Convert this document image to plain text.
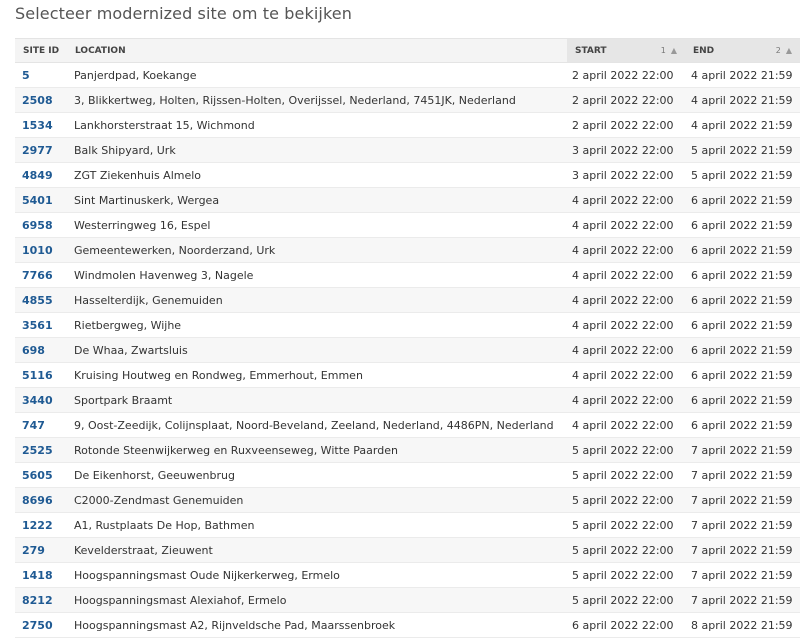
Selecteer modernized site om te bekijken
SITE ID	LOCATION	START 1 ▲	END 2 ▲

5	Panjerdpad, Koekange	2 april 2022 22:00	4 april 2022 21:59
2508	3, Blikkertweg, Holten, Rijssen-Holten, Overijssel, Nederland, 7451JK, Nederland	2 april 2022 22:00	4 april 2022 21:59
1534	Lankhorsterstraat 15, Wichmond	2 april 2022 22:00	4 april 2022 21:59
2977	Balk Shipyard, Urk	3 april 2022 22:00	5 april 2022 21:59
4849	ZGT Ziekenhuis Almelo	3 april 2022 22:00	5 april 2022 21:59
5401	Sint Martinuskerk, Wergea	4 april 2022 22:00	6 april 2022 21:59
6958	Westerringweg 16, Espel	4 april 2022 22:00	6 april 2022 21:59
1010	Gemeentewerken, Noorderzand, Urk	4 april 2022 22:00	6 april 2022 21:59
7766	Windmolen Havenweg 3, Nagele	4 april 2022 22:00	6 april 2022 21:59
4855	Hasselterdijk, Genemuiden	4 april 2022 22:00	6 april 2022 21:59
3561	Rietbergweg, Wijhe	4 april 2022 22:00	6 april 2022 21:59
698	De Whaa, Zwartsluis	4 april 2022 22:00	6 april 2022 21:59
5116	Kruising Houtweg en Rondweg, Emmerhout, Emmen	4 april 2022 22:00	6 april 2022 21:59
3440	Sportpark Braamt	4 april 2022 22:00	6 april 2022 21:59
747	9, Oost-Zeedijk, Colijnsplaat, Noord-Beveland, Zeeland, Nederland, 4486PN, Nederland	4 april 2022 22:00	6 april 2022 21:59
2525	Rotonde Steenwijkerweg en Ruxveenseweg, Witte Paarden	5 april 2022 22:00	7 april 2022 21:59
5605	De Eikenhorst, Geeuwenbrug	5 april 2022 22:00	7 april 2022 21:59
8696	C2000-Zendmast Genemuiden	5 april 2022 22:00	7 april 2022 21:59
1222	A1, Rustplaats De Hop, Bathmen	5 april 2022 22:00	7 april 2022 21:59
279	Kevelderstraat, Zieuwent	5 april 2022 22:00	7 april 2022 21:59
1418	Hoogspanningsmast Oude Nijkerkerweg, Ermelo	5 april 2022 22:00	7 april 2022 21:59
8212	Hoogspanningsmast Alexiahof, Ermelo	5 april 2022 22:00	7 april 2022 21:59
2750	Hoogspanningsmast A2, Rijnveldsche Pad, Maarssenbroek	6 april 2022 22:00	8 april 2022 21:59
